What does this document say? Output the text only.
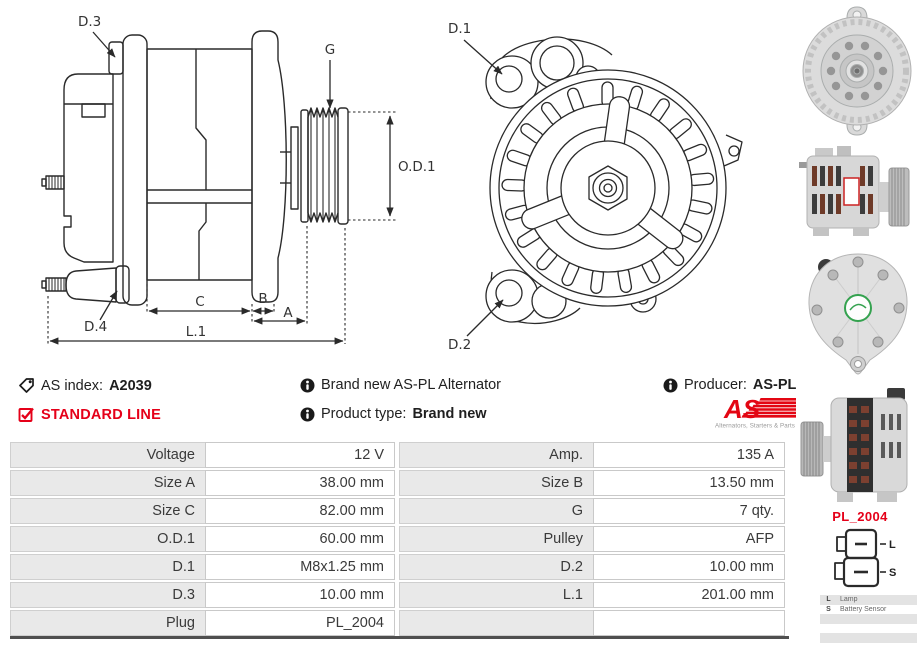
D.3
G
O.D.1
D.4
C	B
A
L.1
D.1
D.2
AS index: A2039	Brand new AS-PL Alternator	Producer: AS-PL
STANDARD LINE	Product type: Brand new	AS
Alternators, Starters & Parts
Voltage	12 V	Amp.	135 A
Size A	38.00 mm	Size B	13.50 mm
Size C	82.00 mm	G	7 qty.
O.D.1	60.00 mm	Pulley	AFP
D.1	M8x1.25 mm	D.2	10.00 mm
D.3	10.00 mm	L.1	201.00 mm
Plug	PL_2004
PL_2004
L
S
L	Lamp
S	Battery Sensor
